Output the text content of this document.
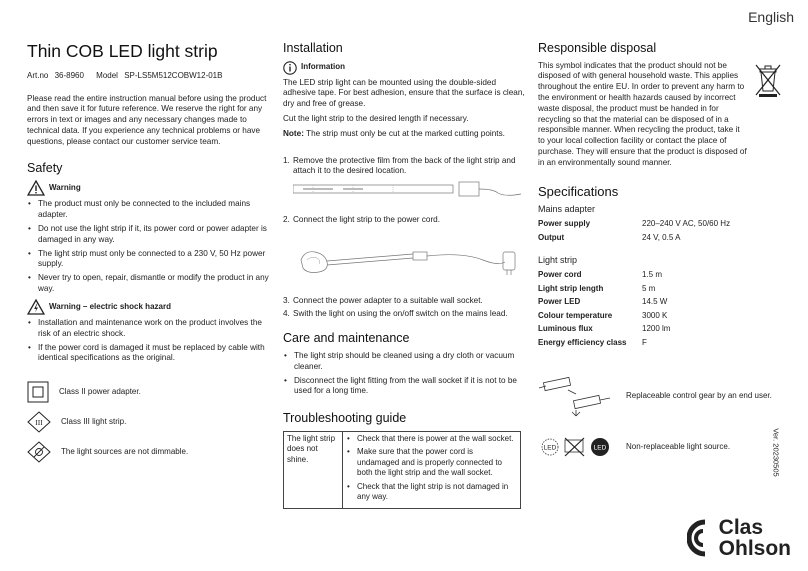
English
Thin COB LED light strip
Art.no 36-8960 Model SP-LS5M512COBW12-01B

Please read the entire instruction manual before using the product and then save it for future reference. We reserve the right for any errors in text or images and any necessary changes made to technical data. If you experience any technical problems or have questions, please contact our customer service team.

Safety
Warning
• The product must only be connected to the included mains adapter.
• Do not use the light strip if it, its power cord or power adapter is damaged in any way.
• The light strip must only be connected to a 230 V, 50 Hz power supply.
• Never try to open, repair, dismantle or modify the product in any way.
Warning – electric shock hazard
• Installation and maintenance work on the product involves the risk of an electric shock.
• If the power cord is damaged it must be replaced by cable with identical specifications as the original.
Class II power adapter.
III Class III light strip.
The light sources are not dimmable.
Installation
Information

The LED strip light can be mounted using the double-sided adhesive tape. For best adhesion, ensure that the surface is clean, dry and free of grease.

Cut the light strip to the desired length if necessary.

Note: The strip must only be cut at the marked cutting points.

1. Remove the protective film from the back of the light strip and attach it to the desired location.
2. Connect the light strip to the power cord.
3. Connect the power adapter to a suitable wall socket.
4. Swith the light on using the on/off switch on the mains lead.
Care and maintenance
• The light strip should be cleaned using a dry cloth or vacuum cleaner.
• Disconnect the light fitting from the wall socket if it is not to be used for a long time.
Troubleshooting guide
The light strip does not shine.	
• Check that there is power at the wall socket.
• Make sure that the power cord is undamaged and is properly connected to both the light strip and the wall socket.
• Check that the light strip is not damaged in any way.
Responsible disposal

This symbol indicates that the product should not be disposed of with general household waste. This applies throughout the entire EU. In order to prevent any harm to the environment or health hazards caused by incorrect waste disposal, the product must be handed in for recycling so that the material can be disposed of in a responsible manner. When recycling the product, take it to your local collection facility or contact the place of purchase. They will ensure that the product is disposed of in an environmentally sound manner.

Specifications
Mains adapter
Power supply	220–240 V AC, 50/60 Hz
Output	24 V, 0.5 A
Light strip
Power cord	1.5 m
Light strip length	5 m
Power LED	14.5 W
Colour temperature	3000 K
Luminous flux	1200 lm
Energy efficiency class	F
Replaceable control gear by an end user.
LED	LED Non-replaceable light source.	Ver. 20230505
Clas
Ohlson
